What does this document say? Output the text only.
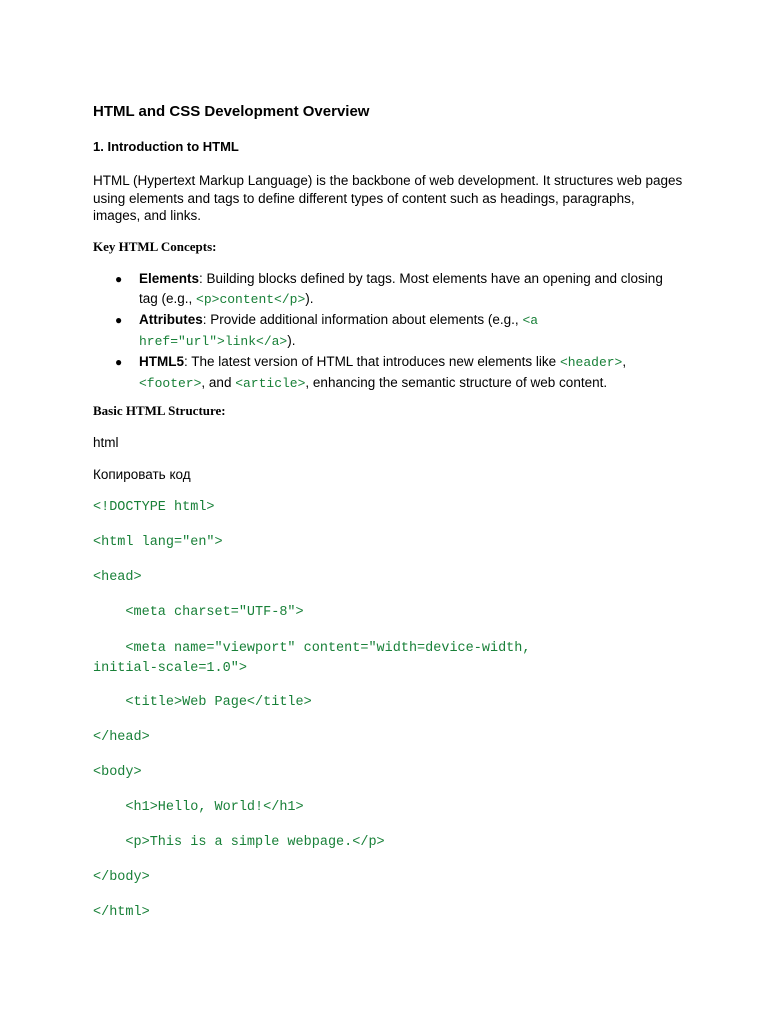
HTML and CSS Development Overview
1. Introduction to HTML
HTML (Hypertext Markup Language) is the backbone of web development. It structures web pages using elements and tags to define different types of content such as headings, paragraphs, images, and links.
Key HTML Concepts:
● Elements: Building blocks defined by tags. Most elements have an opening and closing tag (e.g., <p>content</p>).
● Attributes: Provide additional information about elements (e.g., <a href="url">link</a>).
● HTML5: The latest version of HTML that introduces new elements like <header>, <footer>, and <article>, enhancing the semantic structure of web content.
Basic HTML Structure:
html
Копировать код
<!DOCTYPE html>
<html lang="en">
<head>
<meta charset="UTF-8">
<meta name="viewport" content="width=device-width,
initial-scale=1.0">
<title>Web Page</title>
</head>
<body>
<h1>Hello, World!</h1>
<p>This is a simple webpage.</p>
</body>
</html>
